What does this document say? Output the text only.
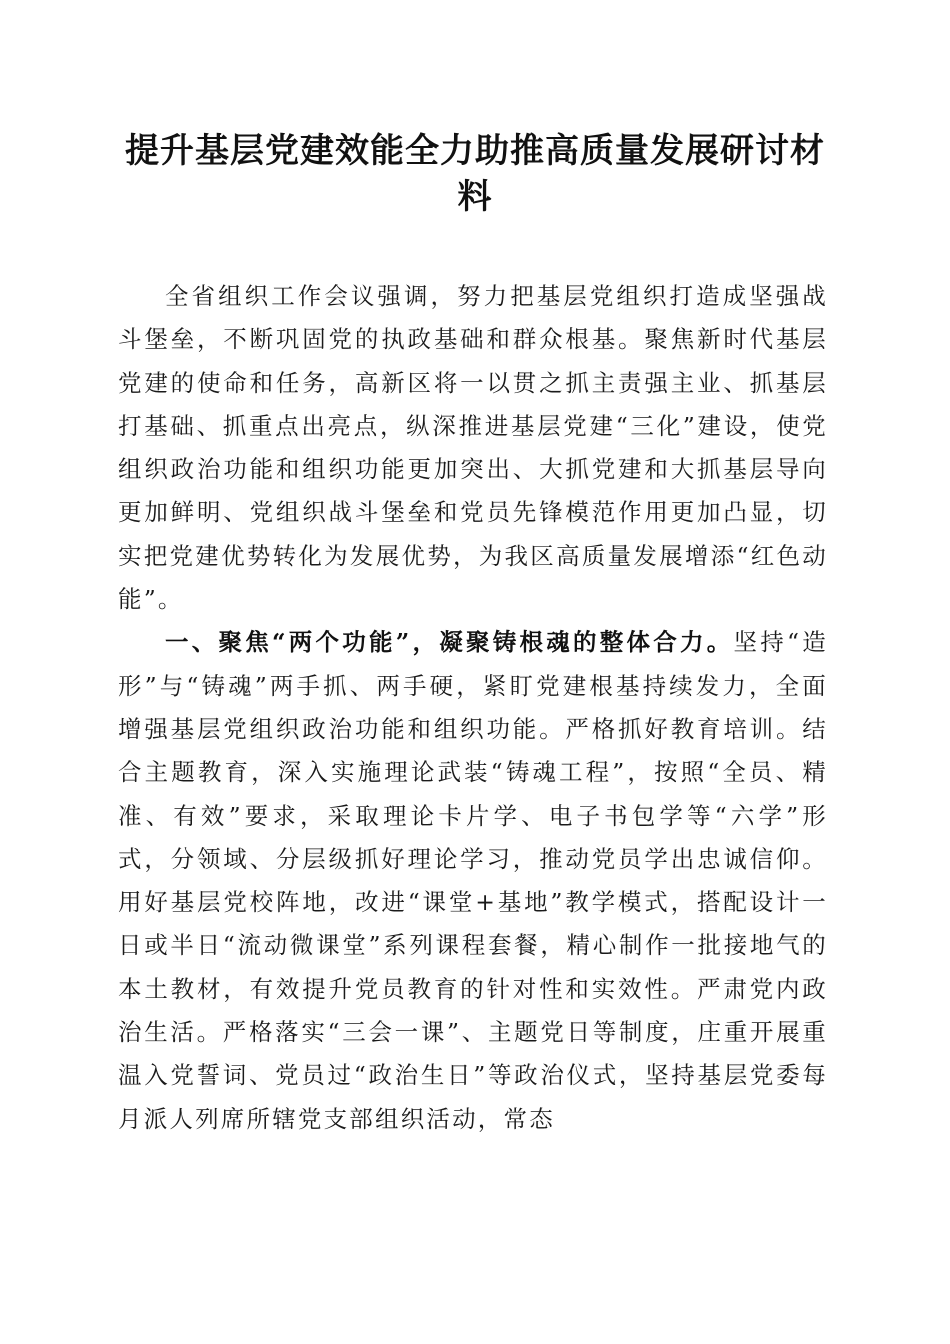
提升基层党建效能全力助推高质量发展研讨材料

全省组织工作会议强调，努力把基层党组织打造成坚强战斗堡垒，不断巩固党的执政基础和群众根基。聚焦新时代基层党建的使命和任务，高新区将一以贯之抓主责强主业、抓基层打基础、抓重点出亮点，纵深推进基层党建“三化”建设，使党组织政治功能和组织功能更加突出、大抓党建和大抓基层导向更加鲜明、党组织战斗堡垒和党员先锋模范作用更加凸显，切实把党建优势转化为发展优势，为我区高质量发展增添“红色动能”。

一、聚焦“两个功能”，凝聚铸根魂的整体合力。坚持“造形”与“铸魂”两手抓、两手硬，紧盯党建根基持续发力，全面增强基层党组织政治功能和组织功能。严格抓好教育培训。结合主题教育，深入实施理论武装“铸魂工程”，按照“全员、精准、有效”要求，采取理论卡片学、电子书包学等“六学”形式，分领域、分层级抓好理论学习，推动党员学出忠诚信仰。用好基层党校阵地，改进“课堂+基地”教学模式，搭配设计一日或半日“流动微课堂”系列课程套餐，精心制作一批接地气的本土教材，有效提升党员教育的针对性和实效性。严肃党内政治生活。严格落实“三会一课”、主题党日等制度，庄重开展重温入党誓词、党员过“政治生日”等政治仪式，坚持基层党委每月派人列席所辖党支部组织活动，常态
